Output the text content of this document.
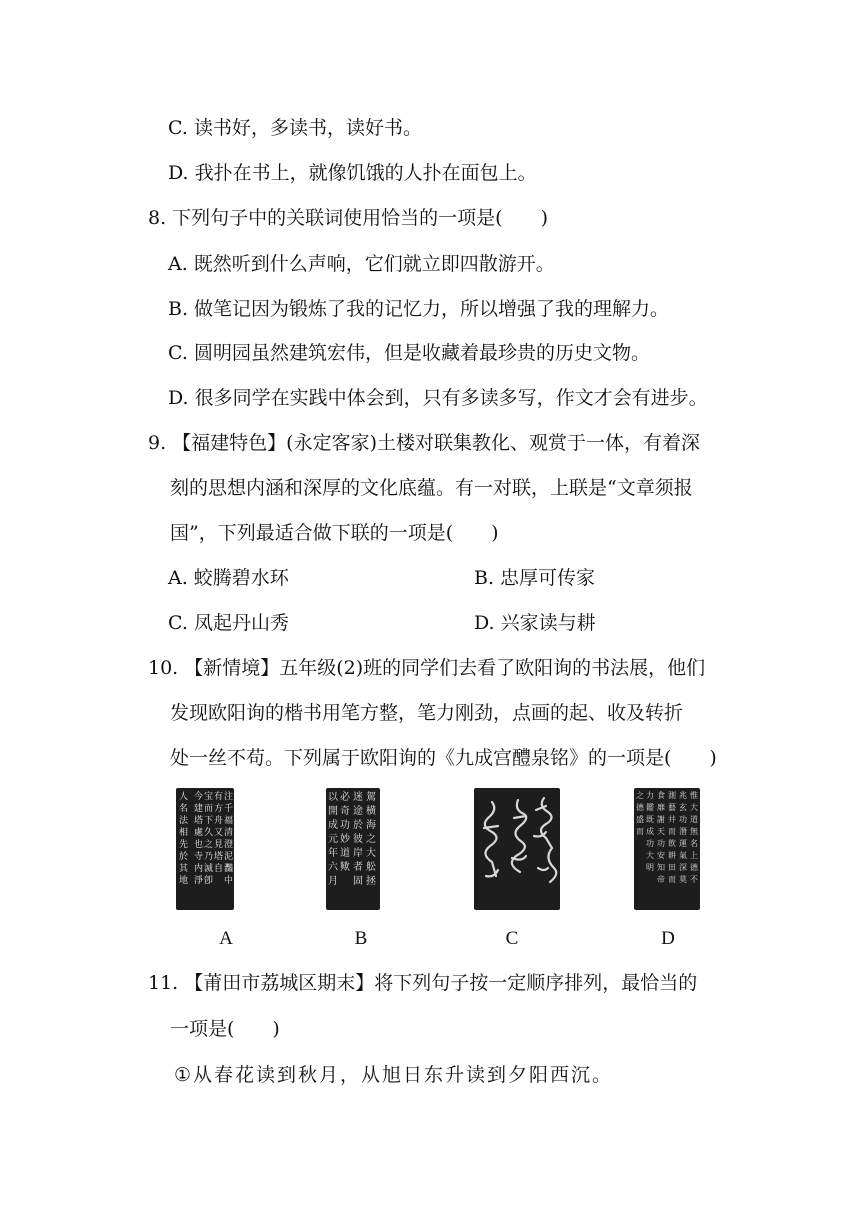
C. 读书好，多读书，读好书。
D. 我扑在书上，就像饥饿的人扑在面包上。
8. 下列句子中的关联词使用恰当的一项是(　　)
A. 既然听到什么声响，它们就立即四散游开。
B. 做笔记因为锻炼了我的记忆力，所以增强了我的理解力。
C. 圆明园虽然建筑宏伟，但是收藏着最珍贵的历史文物。
D. 很多同学在实践中体会到，只有多读多写，作文才会有进步。
9. 【福建特色】(永定客家)土楼对联集教化、观赏于一体，有着深
刻的思想内涵和深厚的文化底蕴。有一对联，上联是“文章须报
国”，下列最适合做下联的一项是(　　)
A. 蛟腾碧水环	B. 忠厚可传家
C. 凤起丹山秀	D. 兴家读与耕
10. 【新情境】五年级(2)班的同学们去看了欧阳询的书法展，他们
发现欧阳询的楷书用笔方整，笔力刚劲，点画的起、收及转折
处一丝不苟。下列属于欧阳询的《九成宫醴泉铭》的一项是(　　)
注
千
福
清
澄
泥
灩
中
有
方
舟
又
見
塔
自
宝
而
下
久
之
乃
滅
卽
今
建
塔
處
也
寺
内
淨
人
名
法
相
先
於
其
地
駕
横
海
之
大
舩
拯
迷
途
於
彼
岸
者
固
必
奇
功
妙
道
歟
以
開
成
元
年
六
月
惟
大
道
無
名
上
德
不
兆
玄
功
潛
運
氣
深
莫
測
藝
井
而
飲
耕
田
而
食
靡
謝
天
功
安
知
帝
力
鑑
既
成
功
大
明
之
德
盛
而
A	B	C	D
11. 【莆田市荔城区期末】将下列句子按一定顺序排列，最恰当的
一项是(　　)
①从春花读到秋月，从旭日东升读到夕阳西沉。
